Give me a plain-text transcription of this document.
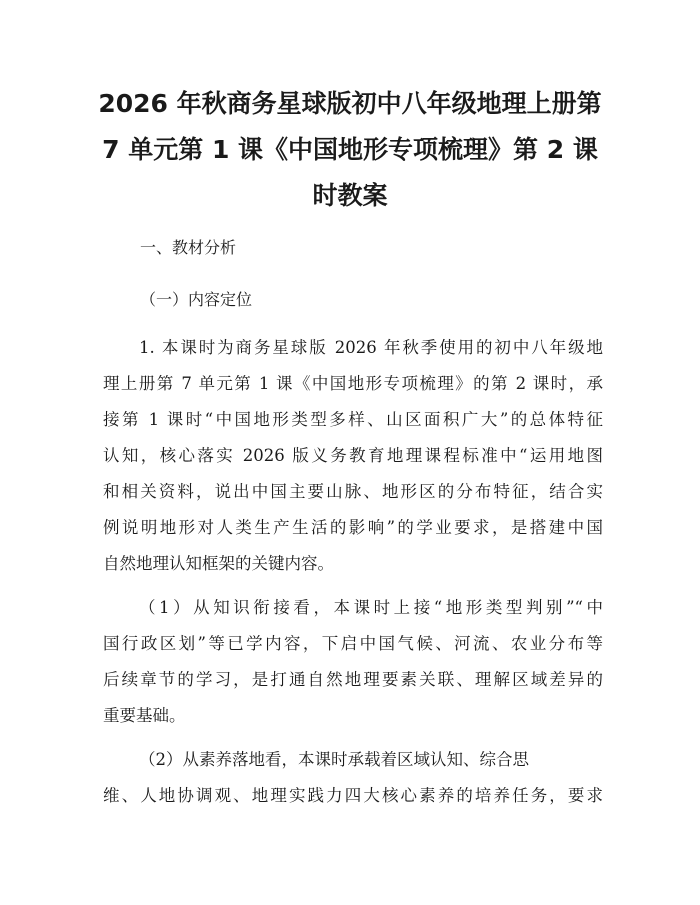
2026 年秋商务星球版初中八年级地理上册第
7 单元第 1 课《中国地形专项梳理》第 2 课
时教案
一、教材分析
（一）内容定位
1. 本课时为商务星球版 2026 年秋季使用的初中八年级地
理上册第 7 单元第 1 课《中国地形专项梳理》的第 2 课时，承
接第 1 课时“中国地形类型多样、山区面积广大”的总体特征
认知，核心落实 2026 版义务教育地理课程标准中“运用地图
和相关资料，说出中国主要山脉、地形区的分布特征，结合实
例说明地形对人类生产生活的影响”的学业要求，是搭建中国
自然地理认知框架的关键内容。
（1）从知识衔接看，本课时上接“地形类型判别”“中
国行政区划”等已学内容，下启中国气候、河流、农业分布等
后续章节的学习，是打通自然地理要素关联、理解区域差异的
重要基础。
（2）从素养落地看，本课时承载着区域认知、综合思
维、人地协调观、地理实践力四大核心素养的培养任务，要求
